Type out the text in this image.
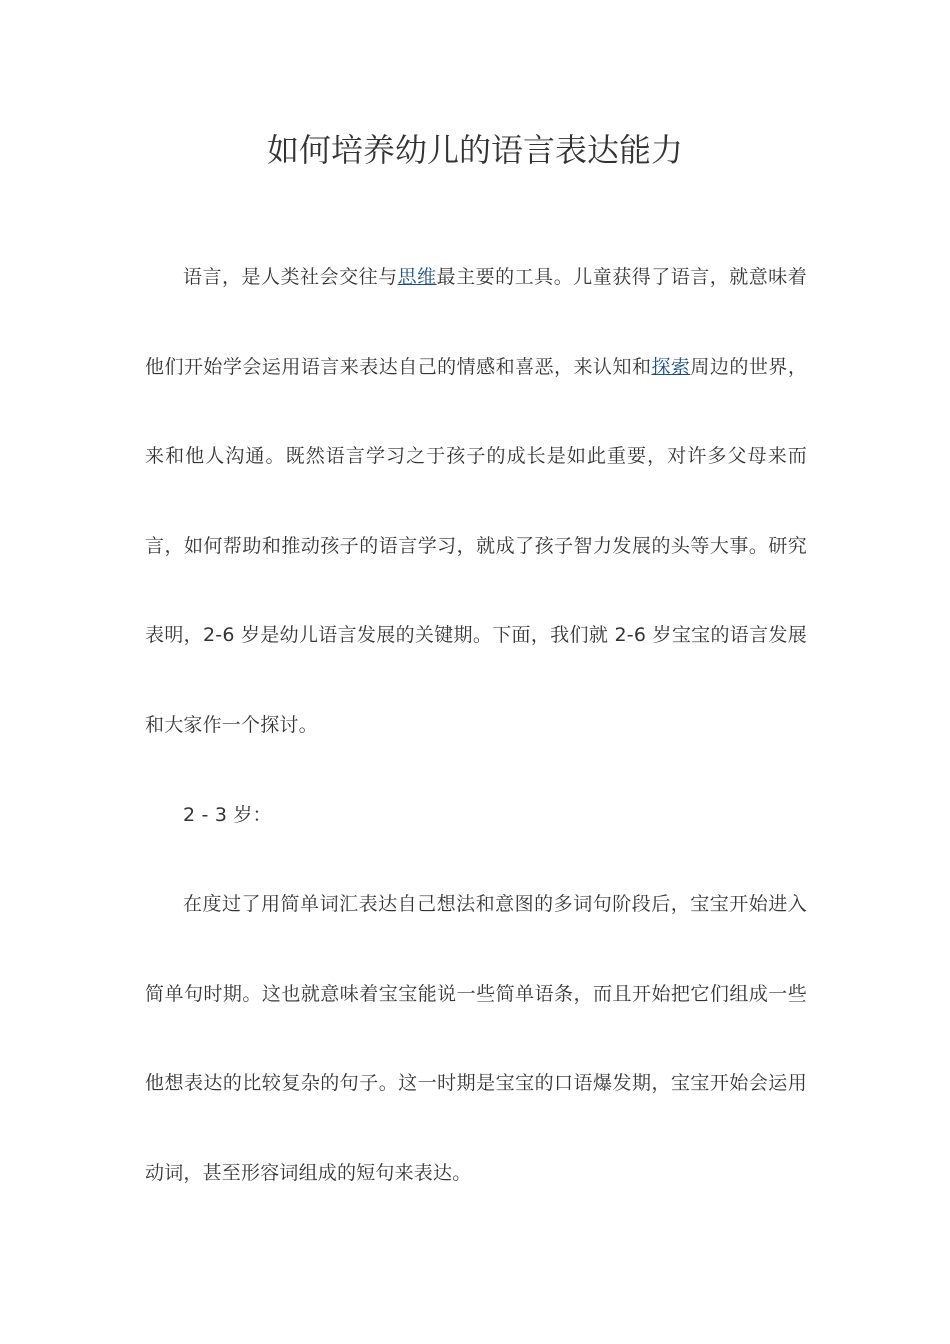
如何培养幼儿的语言表达能力

语言，是人类社会交往与思维最主要的工具。儿童获得了语言，就意味着他们开始学会运用语言来表达自己的情感和喜恶，来认知和探索周边的世界，来和他人沟通。既然语言学习之于孩子的成长是如此重要，对许多父母来而言，如何帮助和推动孩子的语言学习，就成了孩子智力发展的头等大事。研究表明，2-6 岁是幼儿语言发展的关键期。下面，我们就 2-6 岁宝宝的语言发展和大家作一个探讨。

2 - 3 岁：

在度过了用简单词汇表达自己想法和意图的多词句阶段后，宝宝开始进入简单句时期。这也就意味着宝宝能说一些简单语条，而且开始把它们组成一些他想表达的比较复杂的句子。这一时期是宝宝的口语爆发期，宝宝开始会运用动词，甚至形容词组成的短句来表达。
